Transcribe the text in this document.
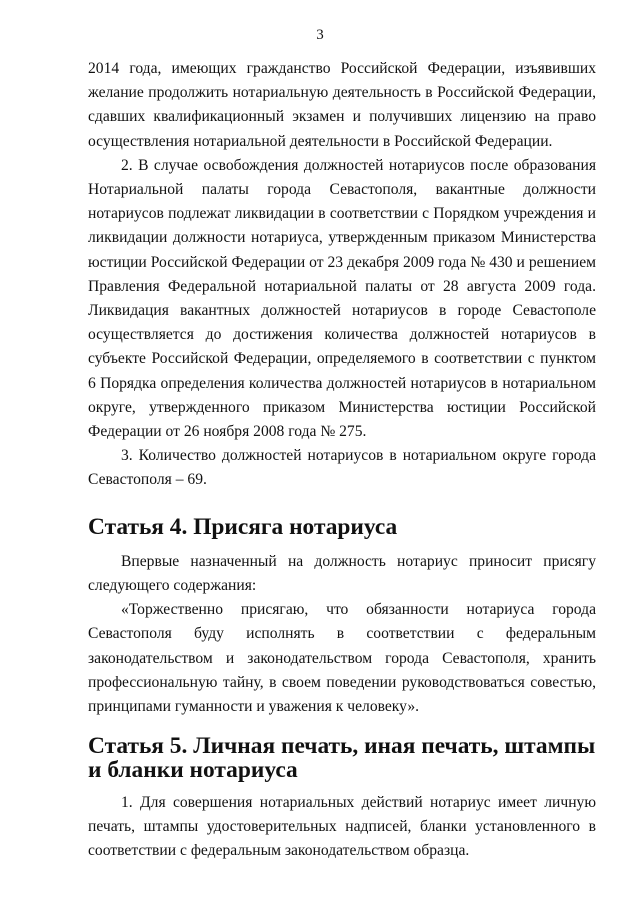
3

2014 года, имеющих гражданство Российской Федерации, изъявивших желание продолжить нотариальную деятельность в Российской Федерации, сдавших квалификационный экзамен и получивших лицензию на право осуществления нотариальной деятельности в Российской Федерации.

2. В случае освобождения должностей нотариусов после образования Нотариальной палаты города Севастополя, вакантные должности нотариусов подлежат ликвидации в соответствии с Порядком учреждения и ликвидации должности нотариуса, утвержденным приказом Министерства юстиции Российской Федерации от 23 декабря 2009 года № 430 и решением Правления Федеральной нотариальной палаты от 28 августа 2009 года. Ликвидация вакантных должностей нотариусов в городе Севастополе осуществляется до достижения количества должностей нотариусов в субъекте Российской Федерации, определяемого в соответствии с пунктом 6 Порядка определения количества должностей нотариусов в нотариальном округе, утвержденного приказом Министерства юстиции Российской Федерации от 26 ноября 2008 года № 275.

3. Количество должностей нотариусов в нотариальном округе города Севастополя – 69.

Статья 4. Присяга нотариуса

Впервые назначенный на должность нотариус приносит присягу следующего содержания:

«Торжественно присягаю, что обязанности нотариуса города Севастополя буду исполнять в соответствии с федеральным законодательством и законодательством города Севастополя, хранить профессиональную тайну, в своем поведении руководствоваться совестью, принципами гуманности и уважения к человеку».

Статья 5. Личная печать, иная печать, штампы и бланки нотариуса

1. Для совершения нотариальных действий нотариус имеет личную печать, штампы удостоверительных надписей, бланки установленного в соответствии с федеральным законодательством образца.
